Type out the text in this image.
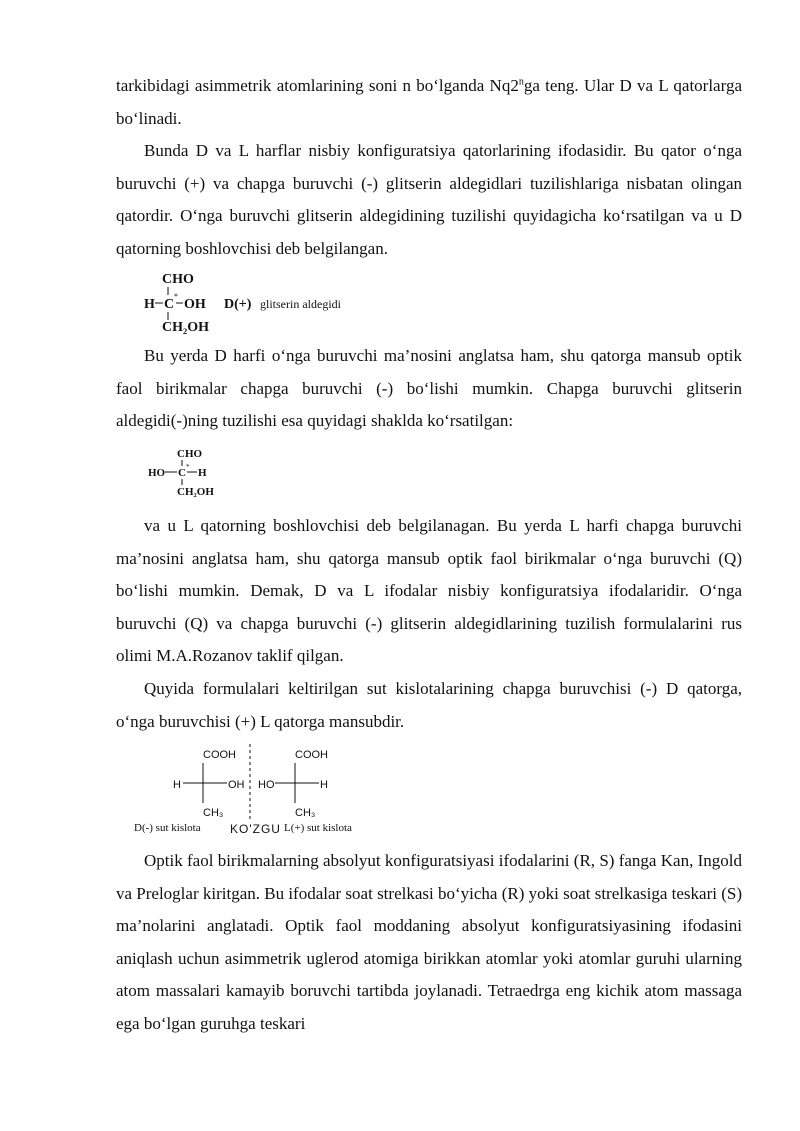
tarkibidagi asimmetrik atomlarining soni n bo‘lganda Nq2$^n$ga teng. Ular D va L qatorlarga bo‘linadi.

Bunda D va L harflar nisbiy konfiguratsiya qatorlarining ifodasidir. Bu qator o‘nga buruvchi (+) va chapga buruvchi (-) glitserin aldegidlari tuzilishlariga nisbatan olingan qatordir. O‘nga buruvchi glitserin aldegidining tuzilishi quyidagicha ko‘rsatilgan va u D qatorning boshlovchisi deb belgilangan.

CHO
H C
*
OH D(+) glitserin aldegidi
CH₂OH

Bu yerda D harfi o‘nga buruvchi ma’nosini anglatsa ham, shu qatorga mansub optik faol birikmalar chapga buruvchi (-) bo‘lishi mumkin. Chapga buruvchi glitserin aldegidi(-)ning tuzilishi esa quyidagi shaklda ko‘rsatilgan:

CHO
HO C * H
CH₂OH

va u L qatorning boshlovchisi deb belgilanagan. Bu yerda L harfi chapga buruvchi ma’nosini anglatsa ham, shu qatorga mansub optik faol birikmalar o‘nga buruvchi (Q) bo‘lishi mumkin. Demak, D va L ifodalar nisbiy konfiguratsiya ifodalaridir. O‘nga buruvchi (Q) va chapga buruvchi (-) glitserin aldegidlarining tuzilish formulalarini rus olimi M.A.Rozanov taklif qilgan.

Quyida formulalari keltirilgan sut kislotalarining chapga buruvchisi (-) D qatorga, o‘nga buruvchisi (+) L qatorga mansubdir.

COOH
H	OH
CH₃
COOH
HO	H
CH₃
D(-) sut kislota KO'ZGU L(+) sut kislota

Optik faol birikmalarning absolyut konfiguratsiyasi ifodalarini (R, S) fanga Kan, Ingold va Preloglar kiritgan. Bu ifodalar soat strelkasi bo‘yicha (R) yoki soat strelkasiga teskari (S) ma’nolarini anglatadi. Optik faol moddaning absolyut konfiguratsiyasining ifodasini aniqlash uchun asimmetrik uglerod atomiga birikkan atomlar yoki atomlar guruhi ularning atom massalari kamayib boruvchi tartibda joylanadi. Tetraedrga eng kichik atom massaga ega bo‘lgan guruhga teskari
